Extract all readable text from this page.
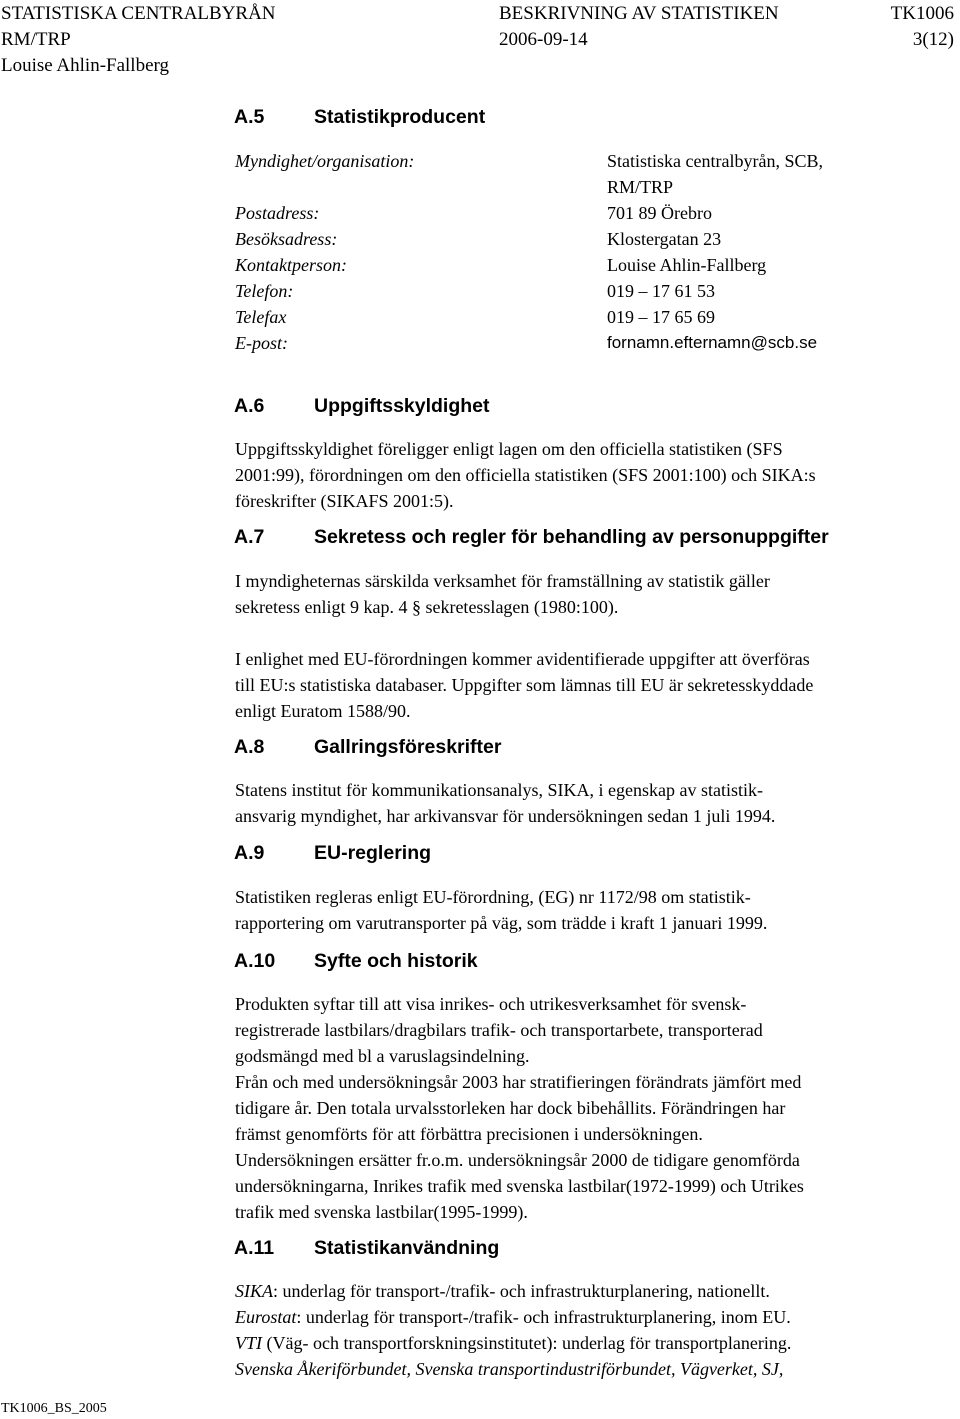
STATISTISKA CENTRALBYRÅN	BESKRIVNING AV STATISTIKEN	TK1006
RM/TRP	2006-09-14	3(12)
Louise Ahlin-Fallberg
A.5	Statistikproducent
Myndighet/organisation:	Statistiska centralbyrån, SCB,
RM/TRP
Postadress:	701 89 Örebro
Besöksadress:	Klostergatan 23
Kontaktperson:	Louise Ahlin-Fallberg
Telefon:	019 – 17 61 53
Telefax	019 – 17 65 69
E-post:	fornamn.efternamn@scb.se
A.6	Uppgiftsskyldighet

Uppgiftsskyldighet föreligger enligt lagen om den officiella statistiken (SFS
2001:99), förordningen om den officiella statistiken (SFS 2001:100) och SIKA:s
föreskrifter (SIKAFS 2001:5).

A.7	Sekretess och regler för behandling av personuppgifter

I myndigheternas särskilda verksamhet för framställning av statistik gäller
sekretess enligt 9 kap. 4 § sekretesslagen (1980:100).

I enlighet med EU-förordningen kommer avidentifierade uppgifter att överföras
till EU:s statistiska databaser. Uppgifter som lämnas till EU är sekretesskyddade
enligt Euratom 1588/90.

A.8	Gallringsföreskrifter

Statens institut för kommunikationsanalys, SIKA, i egenskap av statistik-
ansvarig myndighet, har arkivansvar för undersökningen sedan 1 juli 1994.

A.9	EU-reglering

Statistiken regleras enligt EU-förordning, (EG) nr 1172/98 om statistik-
rapportering om varutransporter på väg, som trädde i kraft 1 januari 1999.

A.10 Syfte och historik

Produkten syftar till att visa inrikes- och utrikesverksamhet för svensk-
registrerade lastbilars/dragbilars trafik- och transportarbete, transporterad
godsmängd med bl a varuslagsindelning.
Från och med undersökningsår 2003 har stratifieringen förändrats jämfört med
tidigare år. Den totala urvalsstorleken har dock bibehållits. Förändringen har
främst genomförts för att förbättra precisionen i undersökningen.
Undersökningen ersätter fr.o.m. undersökningsår 2000 de tidigare genomförda
undersökningarna, Inrikes trafik med svenska lastbilar(1972-1999) och Utrikes
trafik med svenska lastbilar(1995-1999).

A.11 Statistikanvändning

SIKA: underlag för transport-/trafik- och infrastrukturplanering, nationellt.
Eurostat: underlag för transport-/trafik- och infrastrukturplanering, inom EU.
VTI (Väg- och transportforskningsinstitutet): underlag för transportplanering.
Svenska Åkeriförbundet, Svenska transportindustriförbundet, Vägverket, SJ,

TK1006_BS_2005
